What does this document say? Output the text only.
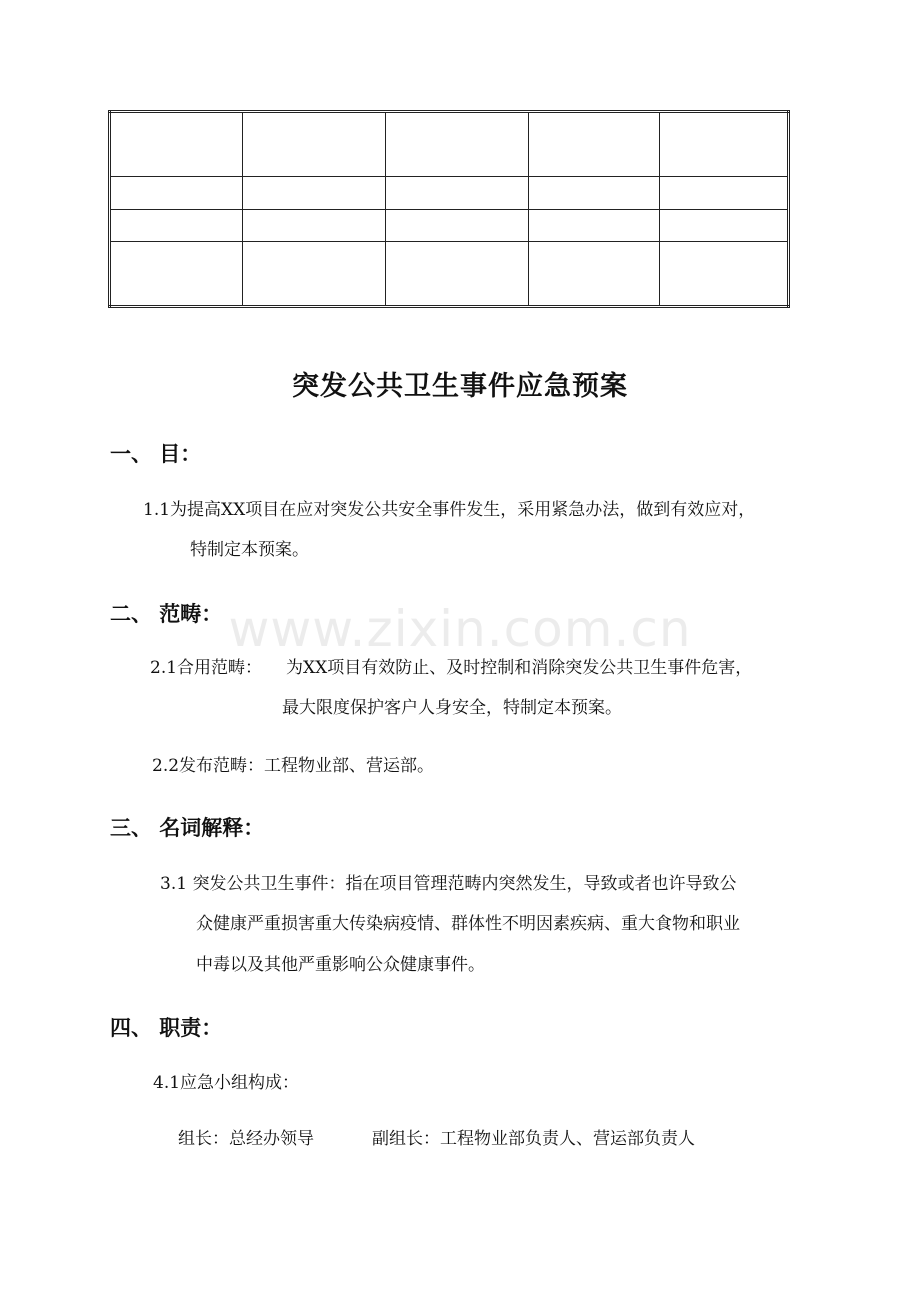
突发公共卫生事件应急预案
www.zixin.com.cn
一、 目：
1.1为提高XX项目在应对突发公共安全事件发生，采用紧急办法，做到有效应对，
特制定本预案。
二、 范畴：
2.1合用范畴： 为XX项目有效防止、及时控制和消除突发公共卫生事件危害，
最大限度保护客户人身安全，特制定本预案。
2.2发布范畴：工程物业部、营运部。
三、 名词解释：
3.1 突发公共卫生事件：指在项目管理范畴内突然发生，导致或者也许导致公
众健康严重损害重大传染病疫情、群体性不明因素疾病、重大食物和职业
中毒以及其他严重影响公众健康事件。
四、 职责：
4.1应急小组构成：
组长：总经办领导	副组长：工程物业部负责人、营运部负责人
